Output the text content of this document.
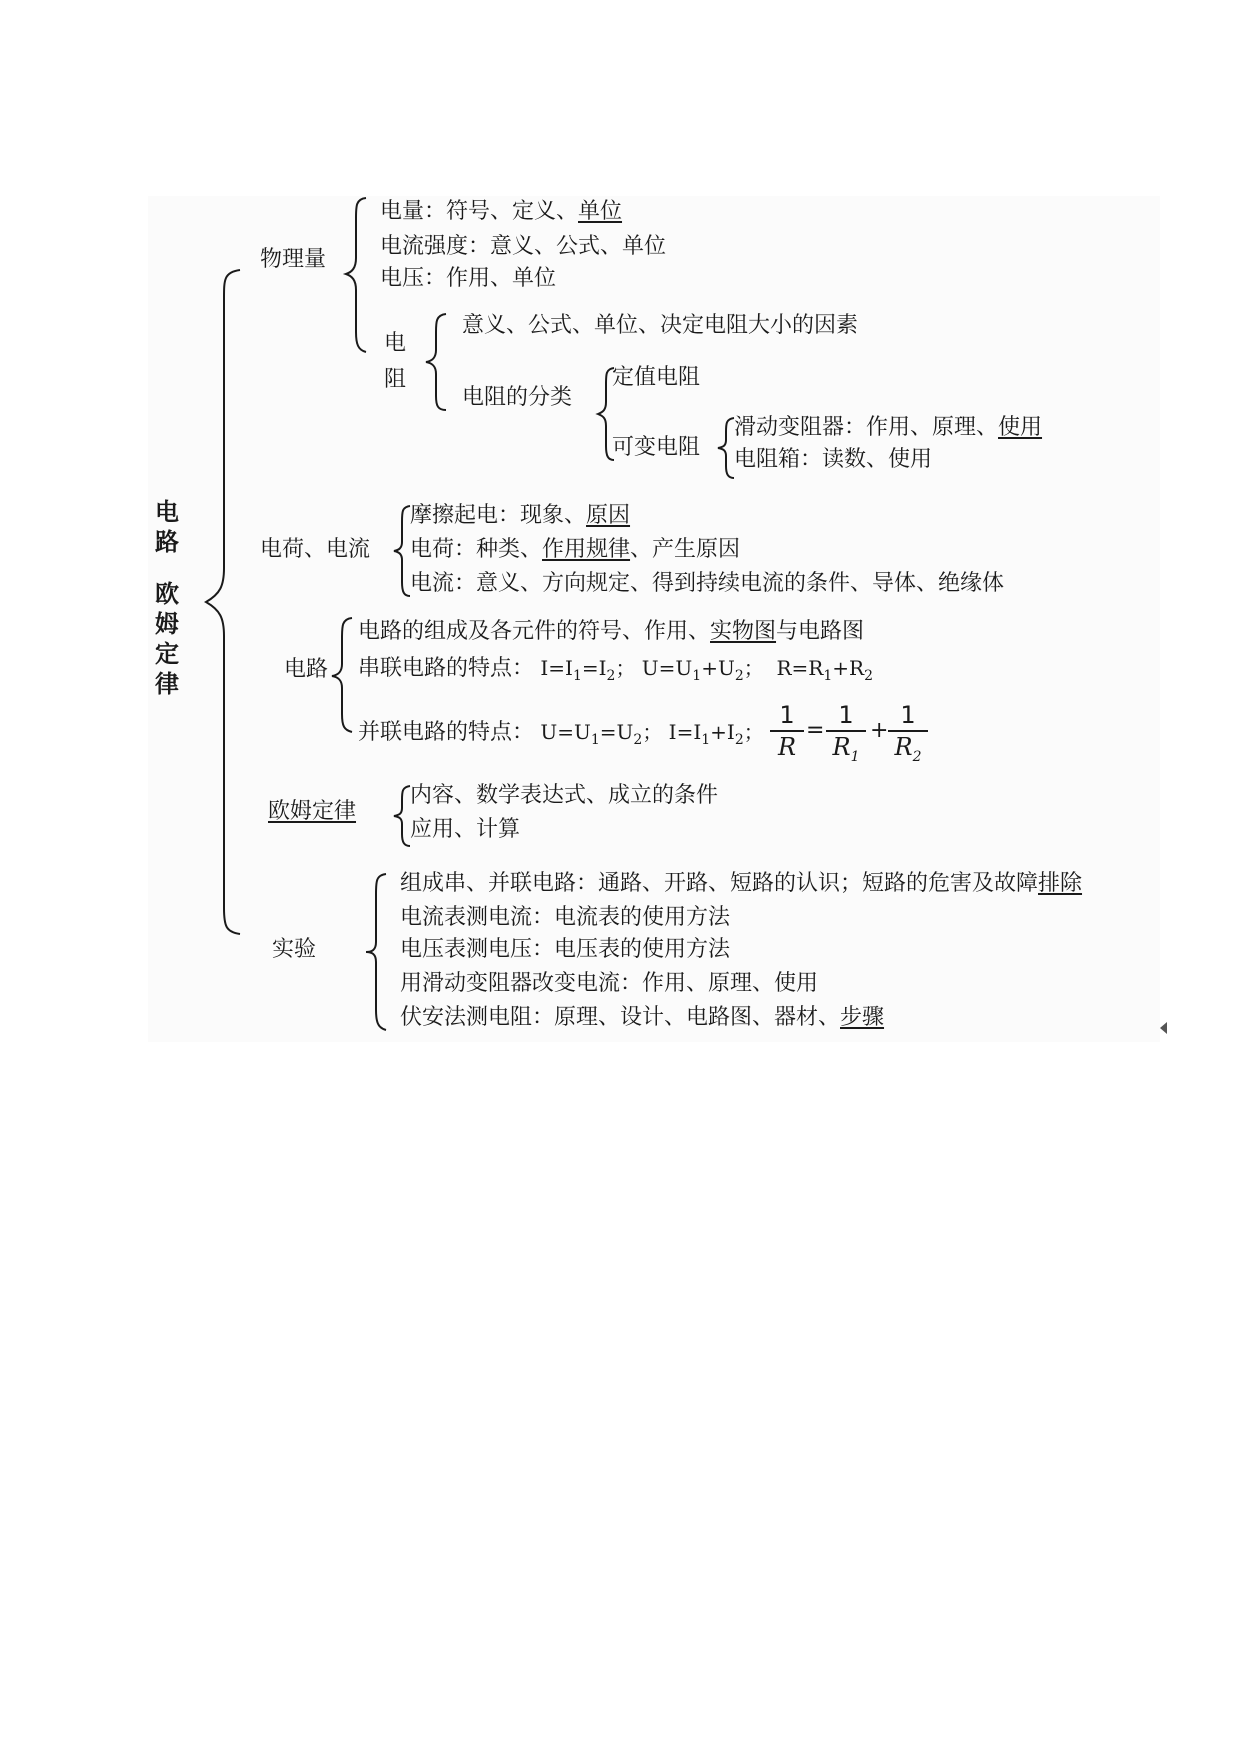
电
路
欧
姆
定
律
物理量
电量：符号、定义、单位
电流强度：意义、公式、单位
电压：作用、单位
电
阻
意义、公式、单位、决定电阻大小的因素
电阻的分类
定值电阻
可变电阻
滑动变阻器：作用、原理、使用
电阻箱：读数、使用
电荷、电流
摩擦起电：现象、原因
电荷：种类、作用规律、产生原因
电流：意义、方向规定、得到持续电流的条件、导体、绝缘体
电路
电路的组成及各元件的符号、作用、实物图与电路图
串联电路的特点： $I=I_1=I_2$； $U=U_1+U_2$；  $R=R_1+R_2$
并联电路的特点： $U=U_1=U_2$； $I=I_1+I_2$； $\frac{1}{R} = \frac{1}{R_1} + \frac{1}{R_2}$
欧姆定律
内容、数学表达式、成立的条件
应用、计算
实验
组成串、并联电路：通路、开路、短路的认识；短路的危害及故障排除
电流表测电流：电流表的使用方法
电压表测电压：电压表的使用方法
用滑动变阻器改变电流：作用、原理、使用
伏安法测电阻：原理、设计、电路图、器材、步骤
